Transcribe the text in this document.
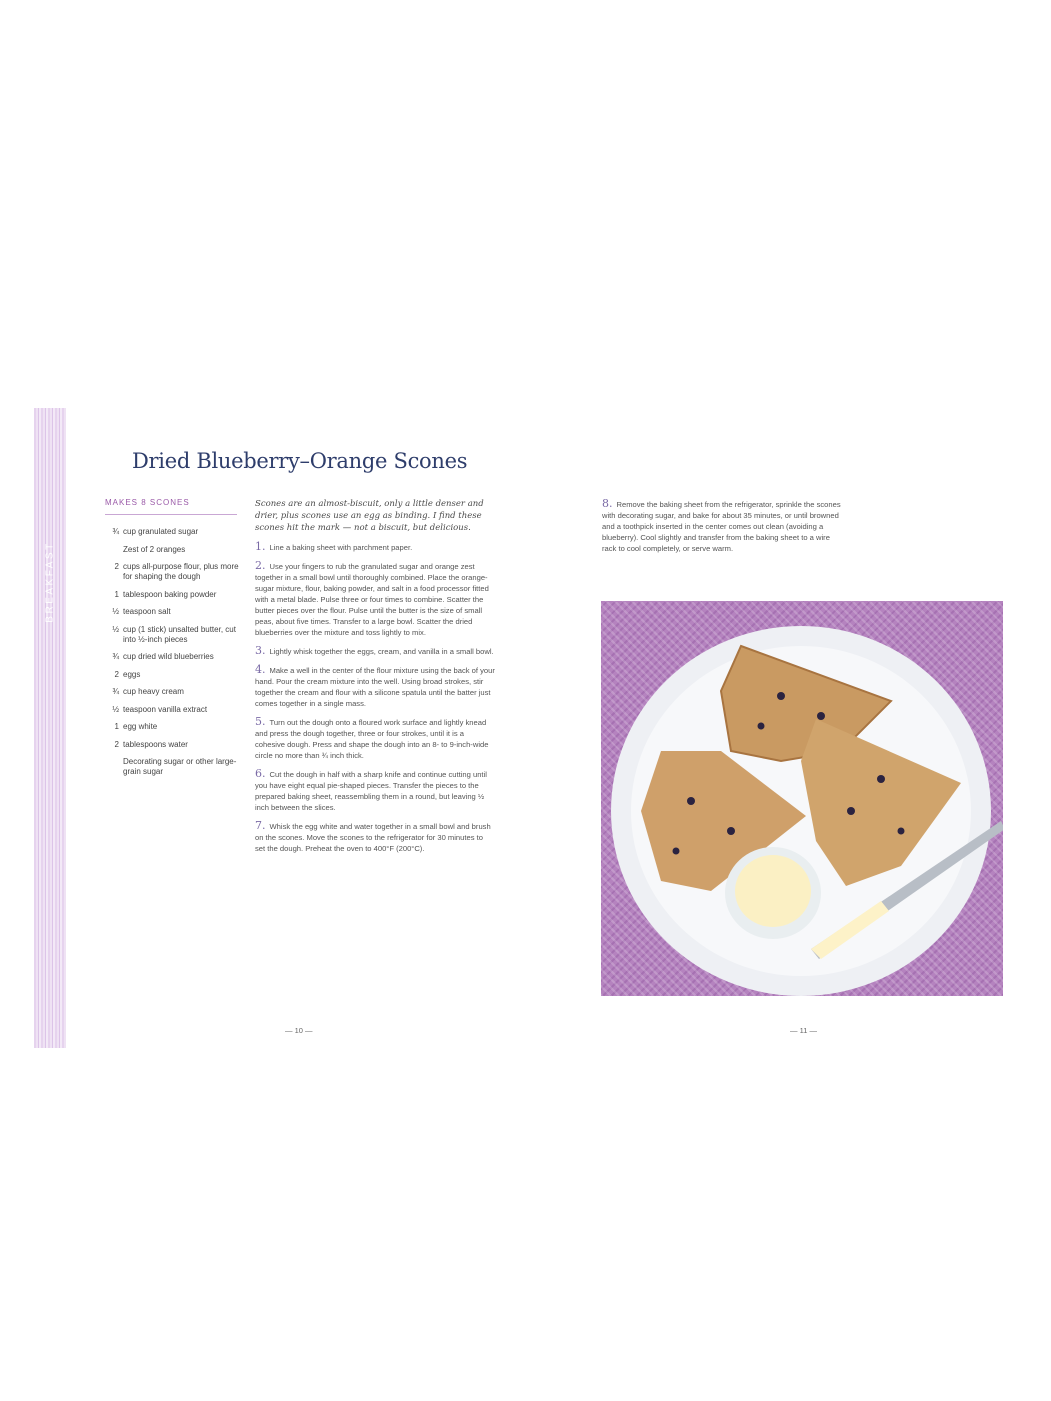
BREAKFAST
Dried Blueberry–Orange Scones
MAKES 8 SCONES
¾ cup granulated sugar
Zest of 2 oranges
2 cups all-purpose flour, plus more for shaping the dough
1 tablespoon baking powder
½ teaspoon salt
½ cup (1 stick) unsalted butter, cut into ½-inch pieces
¾ cup dried wild blueberries
2 eggs
¾ cup heavy cream
½ teaspoon vanilla extract
1 egg white
2 tablespoons water
Decorating sugar or other large-grain sugar

Scones are an almost-biscuit, only a little denser and drier, plus scones use an egg as binding. I find these scones hit the mark — not a biscuit, but delicious.

1. Line a baking sheet with parchment paper.

2. Use your fingers to rub the granulated sugar and orange zest together in a small bowl until thoroughly combined. Place the orange-sugar mixture, flour, baking powder, and salt in a food processor fitted with a metal blade. Pulse three or four times to combine. Scatter the butter pieces over the flour. Pulse until the butter is the size of small peas, about five times. Transfer to a large bowl. Scatter the dried blueberries over the mixture and toss lightly to mix.

3. Lightly whisk together the eggs, cream, and vanilla in a small bowl.

4. Make a well in the center of the flour mixture using the back of your hand. Pour the cream mixture into the well. Using broad strokes, stir together the cream and flour with a silicone spatula until the batter just comes together in a single mass.

5. Turn out the dough onto a floured work surface and lightly knead and press the dough together, three or four strokes, until it is a cohesive dough. Press and shape the dough into an 8- to 9-inch-wide circle no more than ¾ inch thick.

6. Cut the dough in half with a sharp knife and continue cutting until you have eight equal pie-shaped pieces. Transfer the pieces to the prepared baking sheet, reassembling them in a round, but leaving ½ inch between the slices.

7. Whisk the egg white and water together in a small bowl and brush on the scones. Move the scones to the refrigerator for 30 minutes to set the dough. Preheat the oven to 400°F (200°C).

8. Remove the baking sheet from the refrigerator, sprinkle the scones with decorating sugar, and bake for about 35 minutes, or until browned and a toothpick inserted in the center comes out clean (avoiding a blueberry). Cool slightly and transfer from the baking sheet to a wire rack to cool completely, or serve warm.

— 10 —	— 11 —
